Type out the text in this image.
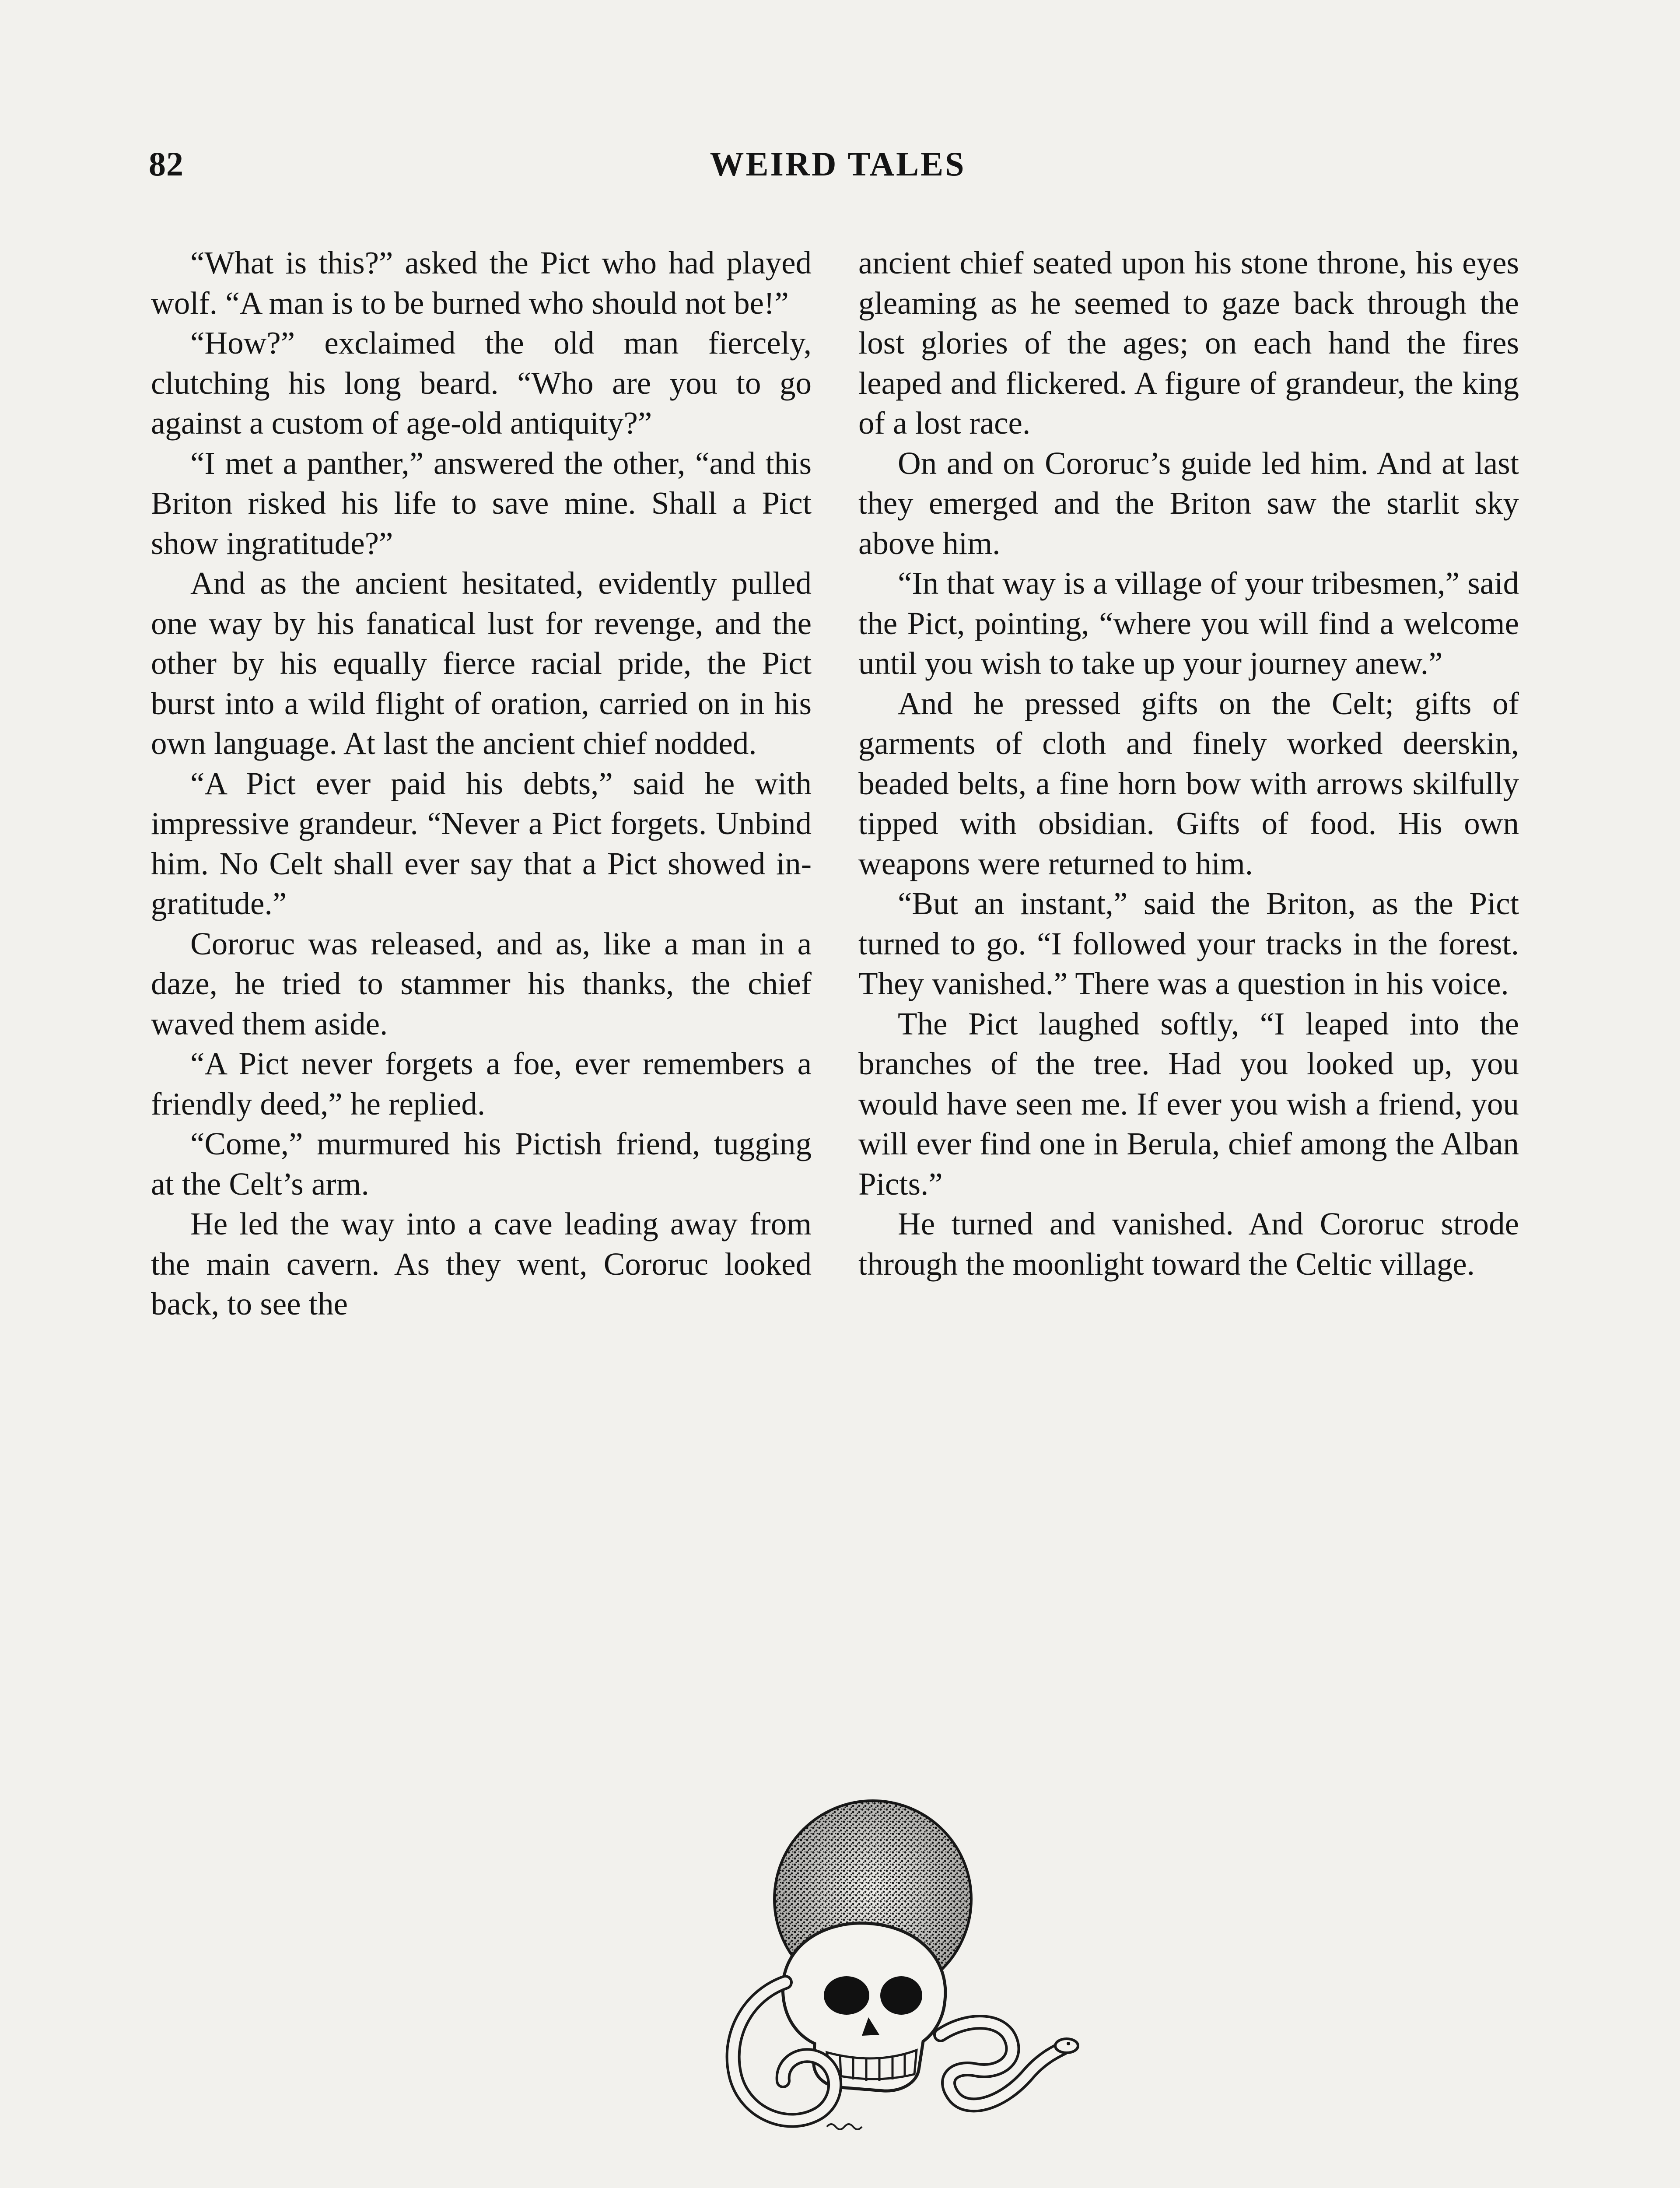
82	WEIRD TALES

“What is this?” asked the Pict who had played wolf. “A man is to be burned who should not be!”

“How?” exclaimed the old man fiercely, clutching his long beard. “Who are you to go against a custom of age-old antiquity?”

“I met a panther,” answered the other, “and this Briton risked his life to save mine. Shall a Pict show ingratitude?”

And as the ancient hesitated, evidently pulled one way by his fanatical lust for revenge, and the other by his equally fierce racial pride, the Pict burst into a wild flight of oration, carried on in his own language. At last the ancient chief nodded.

“A Pict ever paid his debts,” said he with impressive grandeur. “Never a Pict forgets. Unbind him. No Celt shall ever say that a Pict showed ingratitude.”

Cororuc was released, and as, like a man in a daze, he tried to stammer his thanks, the chief waved them aside.

“A Pict never forgets a foe, ever remembers a friendly deed,” he replied.

“Come,” murmured his Pictish friend, tugging at the Celt’s arm.

He led the way into a cave leading away from the main cavern. As they went, Cororuc looked back, to see the

ancient chief seated upon his stone throne, his eyes gleaming as he seemed to gaze back through the lost glories of the ages; on each hand the fires leaped and flickered. A figure of grandeur, the king of a lost race.

On and on Cororuc’s guide led him. And at last they emerged and the Briton saw the starlit sky above him.

“In that way is a village of your tribesmen,” said the Pict, pointing, “where you will find a welcome until you wish to take up your journey anew.”

And he pressed gifts on the Celt; gifts of garments of cloth and finely worked deerskin, beaded belts, a fine horn bow with arrows skilfully tipped with obsidian. Gifts of food. His own weapons were returned to him.

“But an instant,” said the Briton, as the Pict turned to go. “I followed your tracks in the forest. They vanished.” There was a question in his voice.

The Pict laughed softly, “I leaped into the branches of the tree. Had you looked up, you would have seen me. If ever you wish a friend, you will ever find one in Berula, chief among the Alban Picts.”

He turned and vanished. And Cororuc strode through the moonlight toward the Celtic village.
